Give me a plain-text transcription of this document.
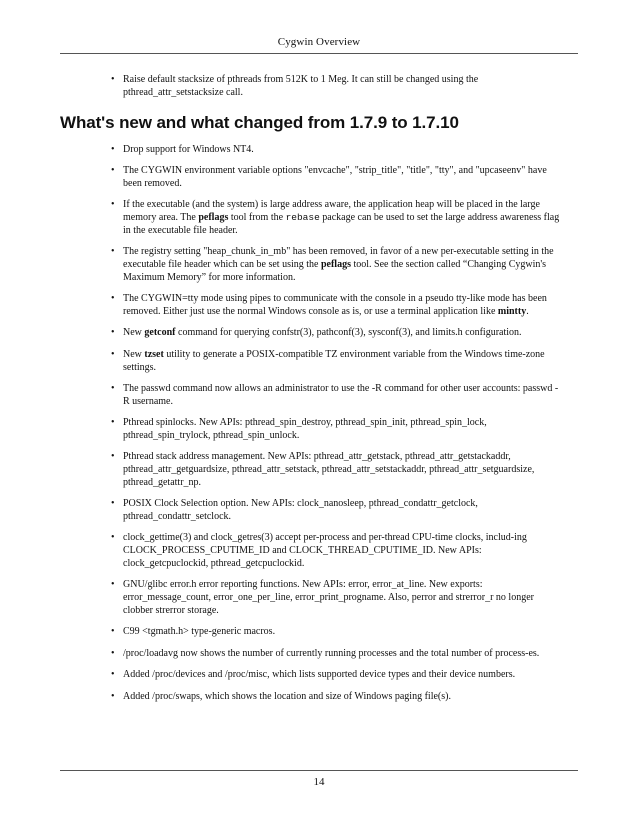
Cygwin Overview
• Raise default stacksize of pthreads from 512K to 1 Meg. It can still be changed using the pthread_attr_setstacksize call.
What's new and what changed from 1.7.9 to 1.7.10
• Drop support for Windows NT4.
• The CYGWIN environment variable options "envcache", "strip_title", "title", "tty", and "upcaseenv" have been removed.
• If the executable (and the system) is large address aware, the application heap will be placed in the large memory area. The peflags tool from the rebase package can be used to set the large address awareness flag in the executable file header.
• The registry setting "heap_chunk_in_mb" has been removed, in favor of a new per-executable setting in the executable file header which can be set using the peflags tool. See the section called “Changing Cygwin's Maximum Memory” for more information.
• The CYGWIN=tty mode using pipes to communicate with the console in a pseudo tty-like mode has been removed. Either just use the normal Windows console as is, or use a terminal application like mintty.
• New getconf command for querying confstr(3), pathconf(3), sysconf(3), and limits.h configuration.
• New tzset utility to generate a POSIX-compatible TZ environment variable from the Windows time-zone settings.
• The passwd command now allows an administrator to use the -R command for other user accounts: passwd -R username.
• Pthread spinlocks. New APIs: pthread_spin_destroy, pthread_spin_init, pthread_spin_lock, pthread_spin_trylock, pthread_spin_unlock.
• Pthread stack address management. New APIs: pthread_attr_getstack, pthread_attr_getstackaddr, pthread_attr_getguardsize, pthread_attr_setstack, pthread_attr_setstackaddr, pthread_attr_setguardsize, pthread_getattr_np.
• POSIX Clock Selection option. New APIs: clock_nanosleep, pthread_condattr_getclock, pthread_condattr_setclock.
• clock_gettime(3) and clock_getres(3) accept per-process and per-thread CPU-time clocks, includ-ing CLOCK_PROCESS_CPUTIME_ID and CLOCK_THREAD_CPUTIME_ID. New APIs: clock_getcpuclockid, pthread_getcpuclockid.
• GNU/glibc error.h error reporting functions. New APIs: error, error_at_line. New exports: error_message_count, error_one_per_line, error_print_progname. Also, perror and strerror_r no longer clobber strerror storage.
• C99 <tgmath.h> type-generic macros.
• /proc/loadavg now shows the number of currently running processes and the total number of process-es.
• Added /proc/devices and /proc/misc, which lists supported device types and their device numbers.
• Added /proc/swaps, which shows the location and size of Windows paging file(s).
14
